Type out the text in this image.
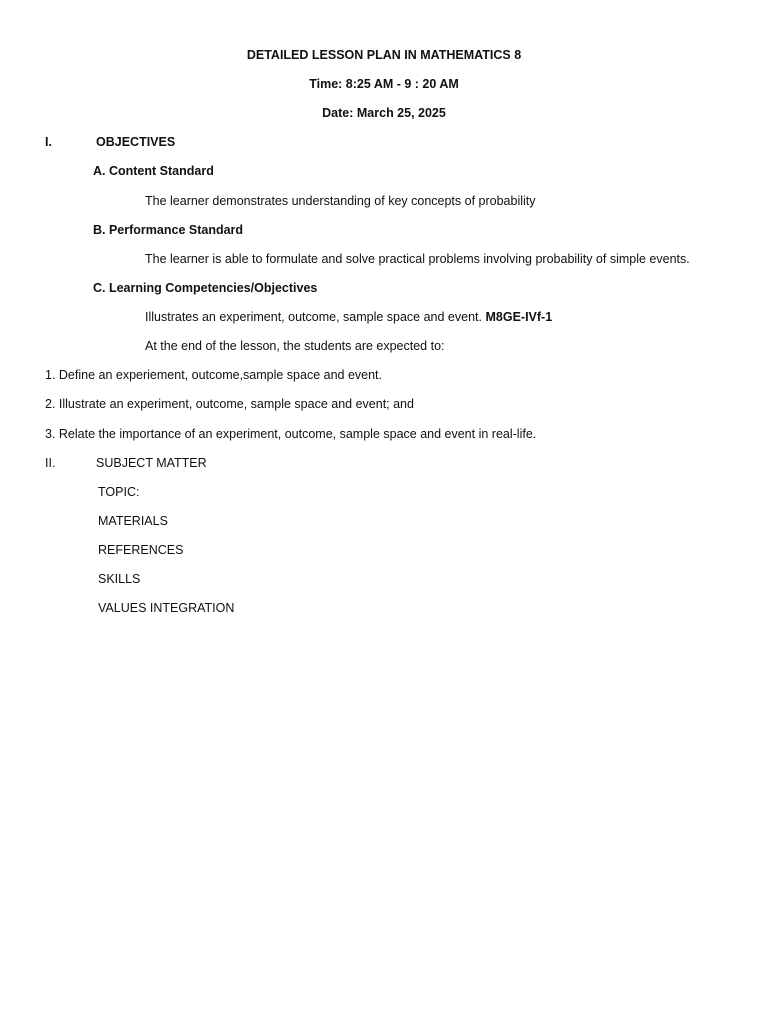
DETAILED LESSON PLAN IN MATHEMATICS 8
Time: 8:25 AM - 9 : 20 AM
Date: March 25, 2025
I.	OBJECTIVES
A. Content Standard
The learner demonstrates understanding of key concepts of probability
B. Performance Standard
The learner is able to formulate and solve practical problems involving probability of simple events.
C. Learning Competencies/Objectives
Illustrates an experiment, outcome, sample space and event. M8GE-IVf-1
At the end of the lesson, the students are expected to:
1. Define an experiement, outcome,sample space and event.
2. Illustrate an experiment, outcome, sample space and event; and
3. Relate the importance of an experiment, outcome, sample space and event in real-life.
II.	SUBJECT MATTER
TOPIC:
MATERIALS
REFERENCES
SKILLS
VALUES INTEGRATION
